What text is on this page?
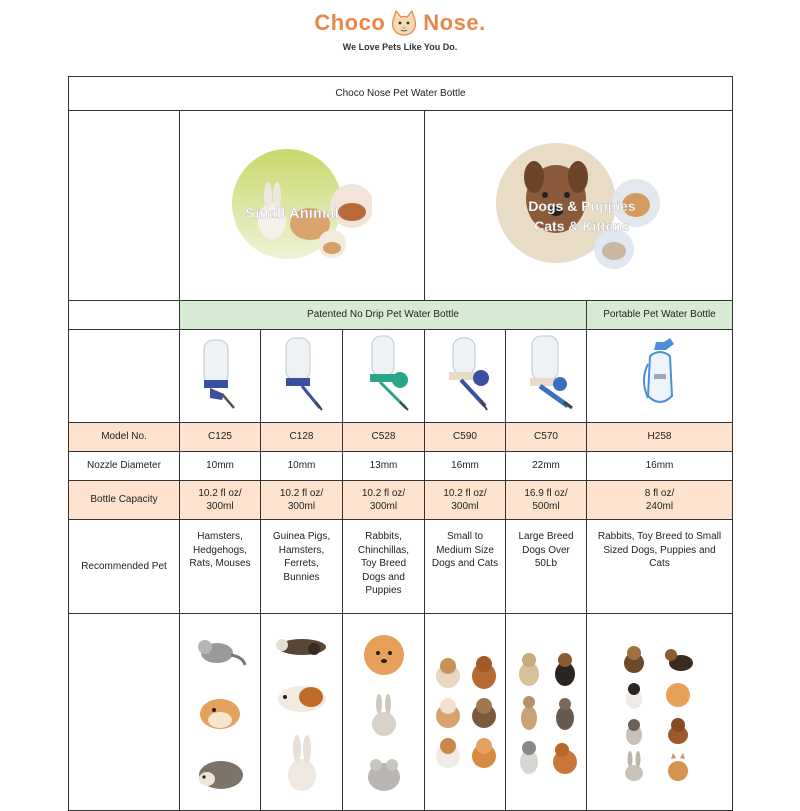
Choco Nose.
We Love Pets Like You Do.
Choco Nose Pet Water Bottle						

Small Animal			Dogs & Puppies
Cats & Kittens		

	Patented No Drip Pet Water Bottle					Portable Pet Water Bottle

Model No.	C125	C128	C528	C590	C570	H258
Nozzle Diameter	10mm	10mm	13mm	16mm	22mm	16mm
Bottle Capacity	10.2 fl oz/
300ml	10.2 fl oz/
300ml	10.2 fl oz/
300ml	10.2 fl oz/
300ml	16.9 fl oz/
500ml	8 fl oz/
240ml
Recommended Pet	Hamsters,
Hedgehogs,
Rats, Mouses	Guinea Pigs,
Hamsters,
Ferrets,
Bunnies	Rabbits,
Chinchillas,
Toy Breed
Dogs and
Puppies	Small to
Medium Size
Dogs and Cats	Large Breed
Dogs Over
50Lb	Rabbits, Toy Breed to Small
Sized Dogs, Puppies and
Cats
